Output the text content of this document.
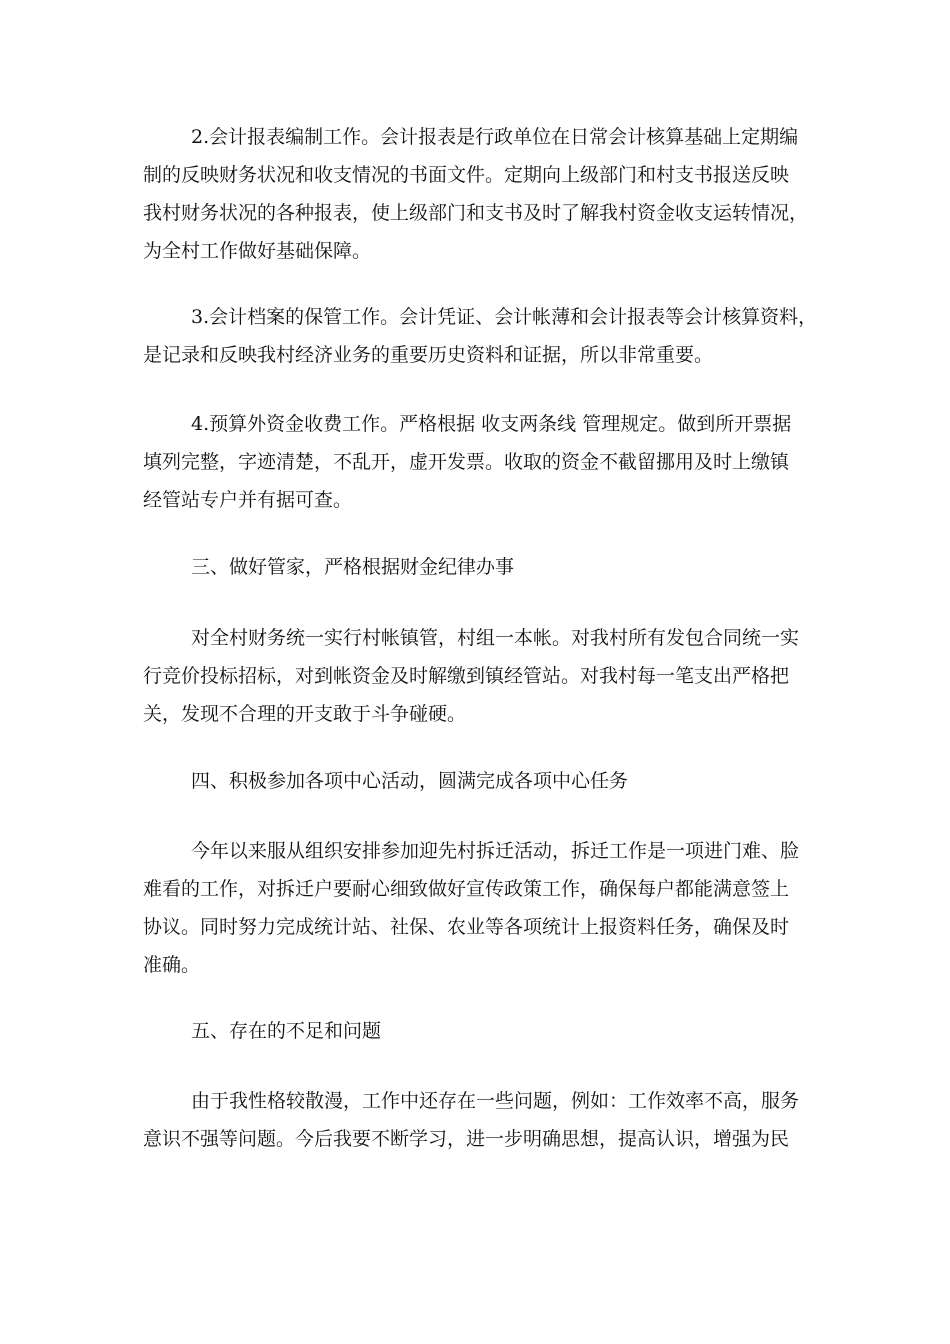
2.会计报表编制工作。会计报表是行政单位在日常会计核算基础上定期编
制的反映财务状况和收支情况的书面文件。定期向上级部门和村支书报送反映
我村财务状况的各种报表，使上级部门和支书及时了解我村资金收支运转情况，
为全村工作做好基础保障。
3.会计档案的保管工作。会计凭证、会计帐薄和会计报表等会计核算资料，
是记录和反映我村经济业务的重要历史资料和证据，所以非常重要。
4.预算外资金收费工作。严格根据 收支两条线 管理规定。做到所开票据
填列完整，字迹清楚，不乱开，虚开发票。收取的资金不截留挪用及时上缴镇
经管站专户并有据可查。
三、做好管家，严格根据财金纪律办事
对全村财务统一实行村帐镇管，村组一本帐。对我村所有发包合同统一实
行竞价投标招标，对到帐资金及时解缴到镇经管站。对我村每一笔支出严格把
关，发现不合理的开支敢于斗争碰硬。
四、积极参加各项中心活动，圆满完成各项中心任务
今年以来服从组织安排参加迎先村拆迁活动，拆迁工作是一项进门难、脸
难看的工作，对拆迁户要耐心细致做好宣传政策工作，确保每户都能满意签上
协议。同时努力完成统计站、社保、农业等各项统计上报资料任务，确保及时
准确。
五、存在的不足和问题
由于我性格较散漫，工作中还存在一些问题，例如：工作效率不高，服务
意识不强等问题。今后我要不断学习，进一步明确思想，提高认识，增强为民
